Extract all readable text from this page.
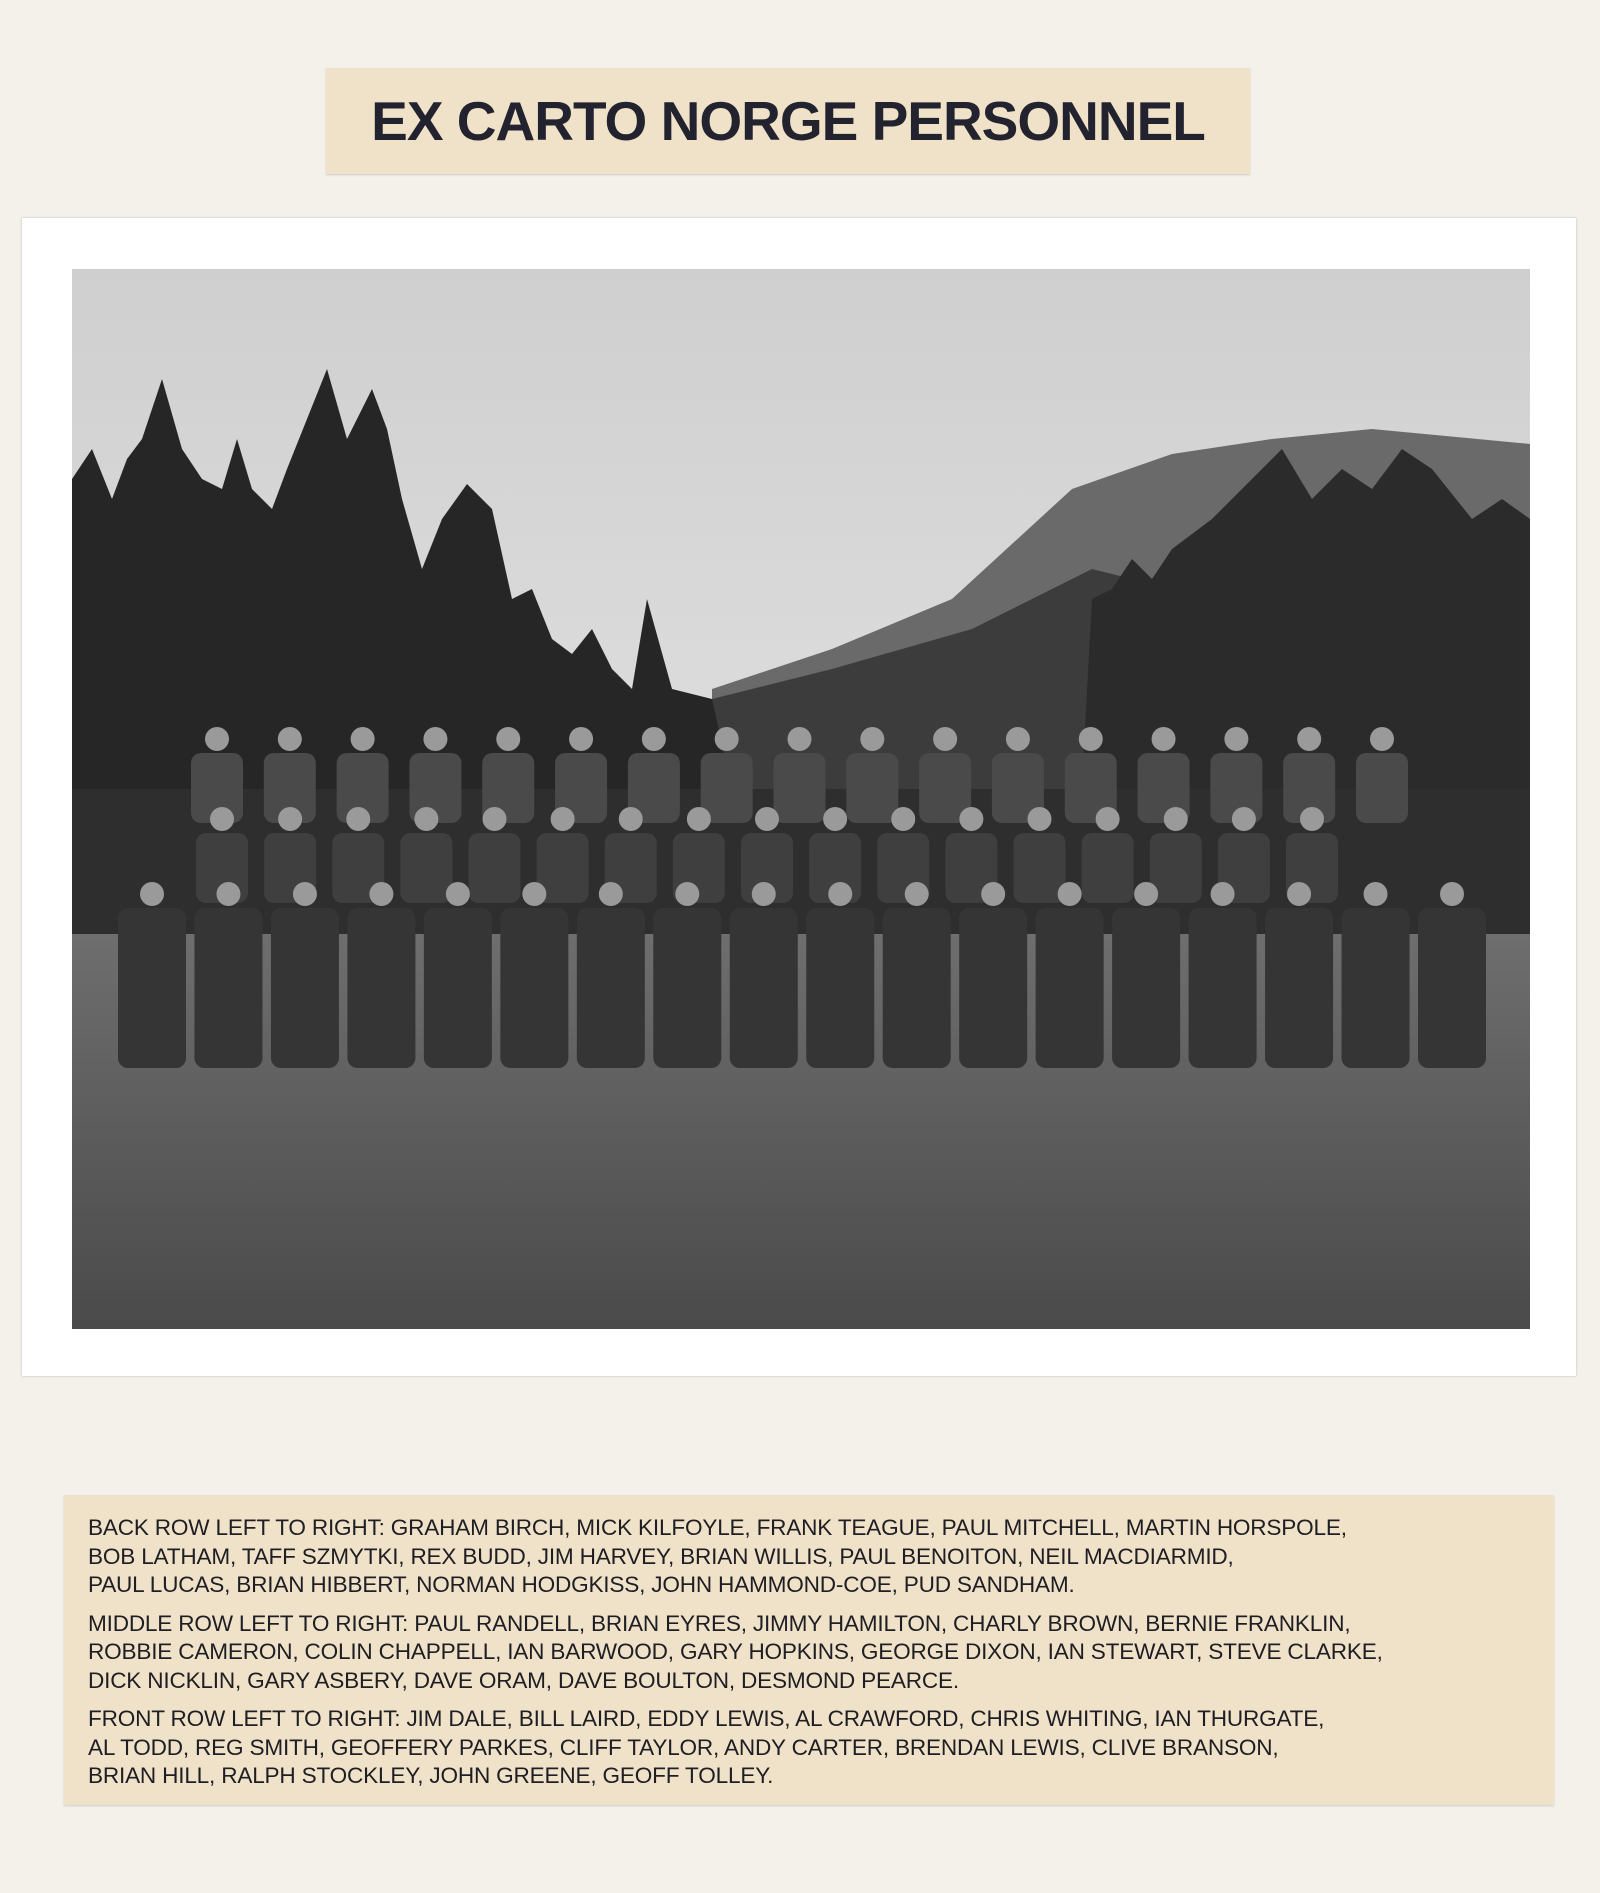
EX CARTO NORGE PERSONNEL

BACK ROW LEFT TO RIGHT: GRAHAM BIRCH, MICK KILFOYLE, FRANK TEAGUE, PAUL MITCHELL, MARTIN HORSPOLE,
BOB LATHAM, TAFF SZMYTKI, REX BUDD, JIM HARVEY, BRIAN WILLIS, PAUL BENOITON, NEIL MACDIARMID,
PAUL LUCAS, BRIAN HIBBERT, NORMAN HODGKISS, JOHN HAMMOND-COE, PUD SANDHAM.

MIDDLE ROW LEFT TO RIGHT: PAUL RANDELL, BRIAN EYRES, JIMMY HAMILTON, CHARLY BROWN, BERNIE FRANKLIN,
ROBBIE CAMERON, COLIN CHAPPELL, IAN BARWOOD, GARY HOPKINS, GEORGE DIXON, IAN STEWART, STEVE CLARKE,
DICK NICKLIN, GARY ASBERY, DAVE ORAM, DAVE BOULTON, DESMOND PEARCE.

FRONT ROW LEFT TO RIGHT: JIM DALE, BILL LAIRD, EDDY LEWIS, AL CRAWFORD, CHRIS WHITING, IAN THURGATE,
AL TODD, REG SMITH, GEOFFERY PARKES, CLIFF TAYLOR, ANDY CARTER, BRENDAN LEWIS, CLIVE BRANSON,
BRIAN HILL, RALPH STOCKLEY, JOHN GREENE, GEOFF TOLLEY.
